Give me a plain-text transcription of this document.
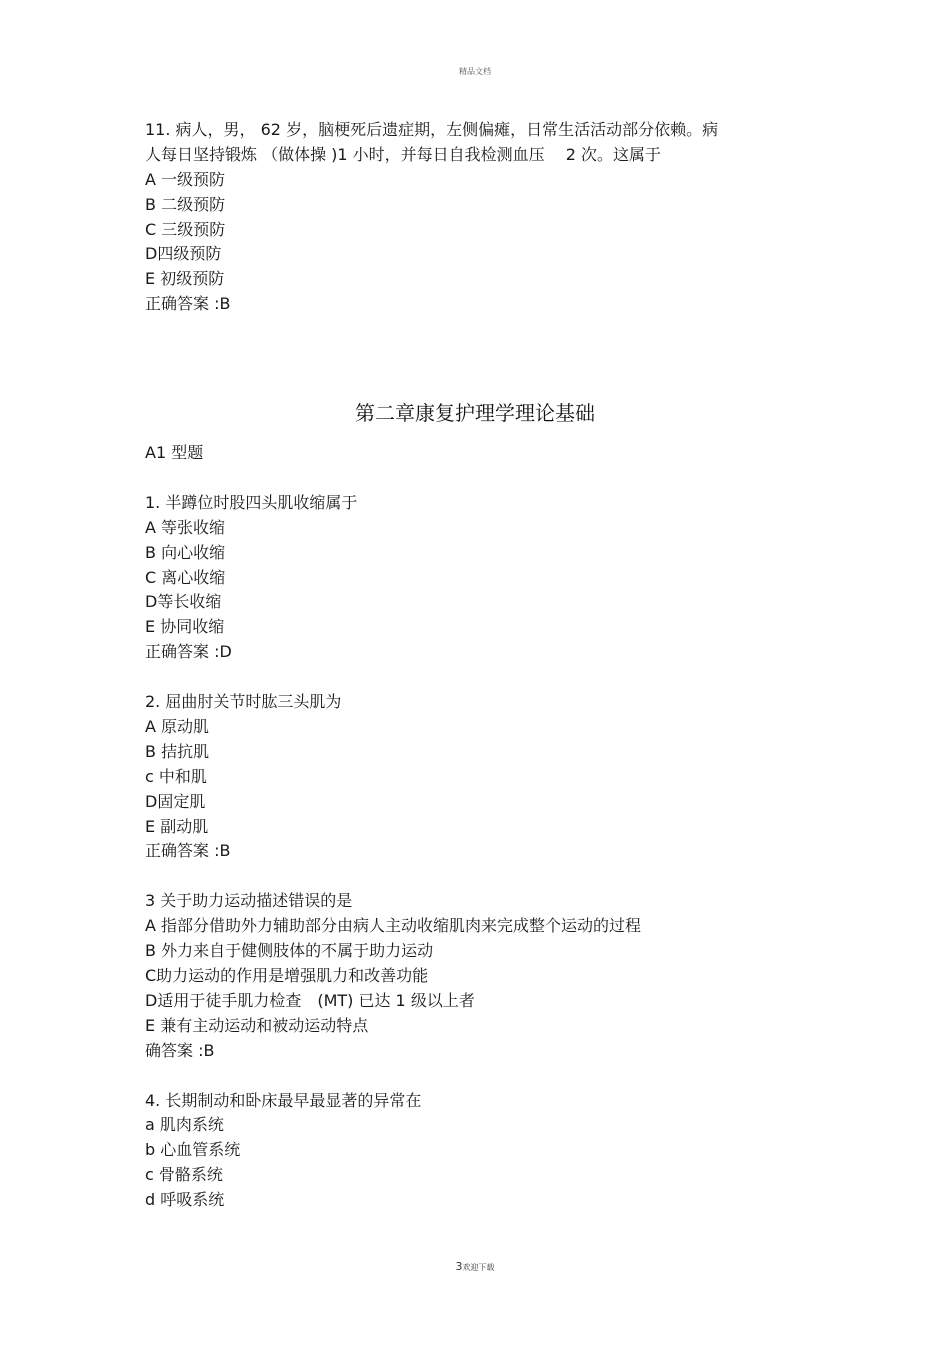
精品文档
11. 病人，男， 62 岁，脑梗死后遗症期，左侧偏瘫，日常生活活动部分依赖。病
人每日坚持锻炼 （做体操 )1 小时，并每日自我检测血压　 2 次。这属于
A 一级预防
B 二级预防
C 三级预防
D四级预防
E 初级预防
正确答案 :B
第二章康复护理学理论基础
A1 型题
1. 半蹲位时股四头肌收缩属于
A 等张收缩
B 向心收缩
C 离心收缩
D等长收缩
E 协同收缩
正确答案 :D
2. 屈曲肘关节时肱三头肌为
A 原动肌
B 拮抗肌
c 中和肌
D固定肌
E 副动肌
正确答案 :B
3 关于助力运动描述错误的是
A 指部分借助外力辅助部分由病人主动收缩肌肉来完成整个运动的过程
B 外力来自于健侧肢体的不属于助力运动
C助力运动的作用是增强肌力和改善功能
D适用于徒手肌力检查　(MT) 已达 1 级以上者
E 兼有主动运动和被动运动特点
确答案 :B
4. 长期制动和卧床最早最显著的异常在
a 肌肉系统
b 心血管系统
c 骨骼系统
d 呼吸系统
3欢迎下载
